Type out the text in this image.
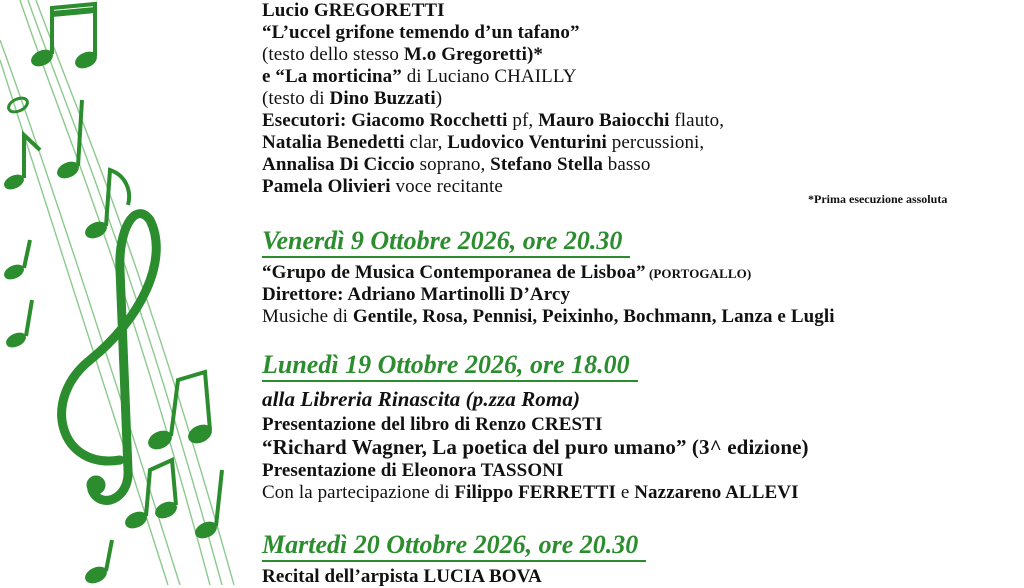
Lucio GREGORETTI
“L’uccel grifone temendo d’un tafano”
(testo dello stesso M.o Gregoretti)*
e “La morticina” di Luciano CHAILLY
(testo di Dino Buzzati)
Esecutori: Giacomo Rocchetti pf, Mauro Baiocchi flauto,
Natalia Benedetti clar, Ludovico Venturini percussioni,
Annalisa Di Ciccio soprano, Stefano Stella basso
Pamela Olivieri voce recitante
Venerdì 9 Ottobre 2026, ore 20.30
“Grupo de Musica Contemporanea de Lisboa” (PORTOGALLO)
Direttore: Adriano Martinolli D’Arcy
Musiche di Gentile, Rosa, Pennisi, Peixinho, Bochmann, Lanza e Lugli
Lunedì 19 Ottobre 2026, ore 18.00
alla Libreria Rinascita (p.zza Roma)
Presentazione del libro di Renzo CRESTI
“Richard Wagner, La poetica del puro umano” (3^ edizione)
Presentazione di Eleonora TASSONI
Con la partecipazione di Filippo FERRETTI e Nazzareno ALLEVI
Martedì 20 Ottobre 2026, ore 20.30
Recital dell’arpista LUCIA BOVA
*Prima esecuzione assoluta
